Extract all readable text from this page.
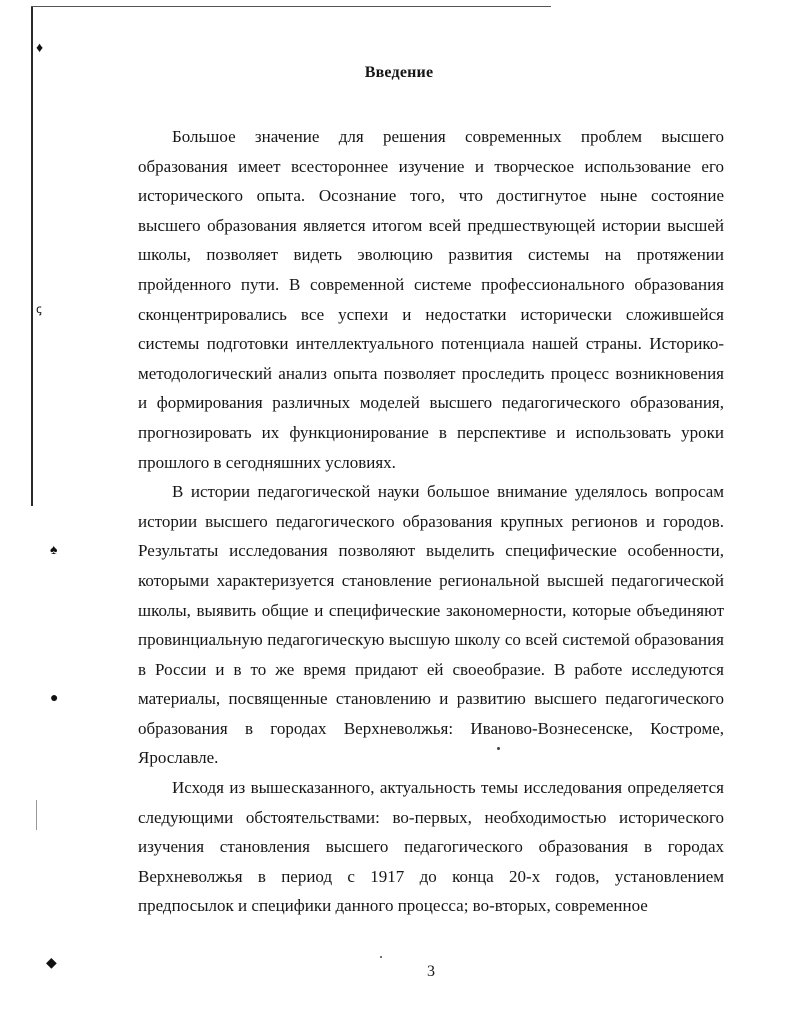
♦
ꞔ
♠
●
◆
Введение

Большое значение для решения современных проблем высшего образования имеет всестороннее изучение и творческое использование его исторического опыта. Осознание того, что достигнутое ныне состояние высшего образования является итогом всей предшествующей истории высшей школы, позволяет видеть эволюцию развития системы на протяжении пройденного пути. В современной системе профессионального образования сконцентрировались все успехи и недостатки исторически сложившейся системы подготовки интеллектуального потенциала нашей страны. Историко-методологический анализ опыта позволяет проследить процесс возникновения и формирования различных моделей высшего педагогического образования, прогнозировать их функционирование в перспективе и использовать уроки прошлого в сегодняшних условиях.

В истории педагогической науки большое внимание уделялось вопросам истории высшего педагогического образования крупных регионов и городов. Результаты исследования позволяют выделить специфические особенности, которыми характеризуется становление региональной высшей педагогической школы, выявить общие и специфические закономерности, которые объединяют провинциальную педагогическую высшую школу со всей системой образования в России и в то же время придают ей своеобразие. В работе исследуются материалы, посвященные становлению и развитию высшего педагогического образования в городах Верхневолжья: Иваново-Вознесенске, Костроме, Ярославле.

Исходя из вышесказанного, актуальность темы исследования определяется следующими обстоятельствами: во-первых, необходимостью исторического изучения становления высшего педагогического образования в городах Верхневолжья в период с 1917 до конца 20-х годов, установлением предпосылок и специфики данного процесса; во-вторых, современное

3
